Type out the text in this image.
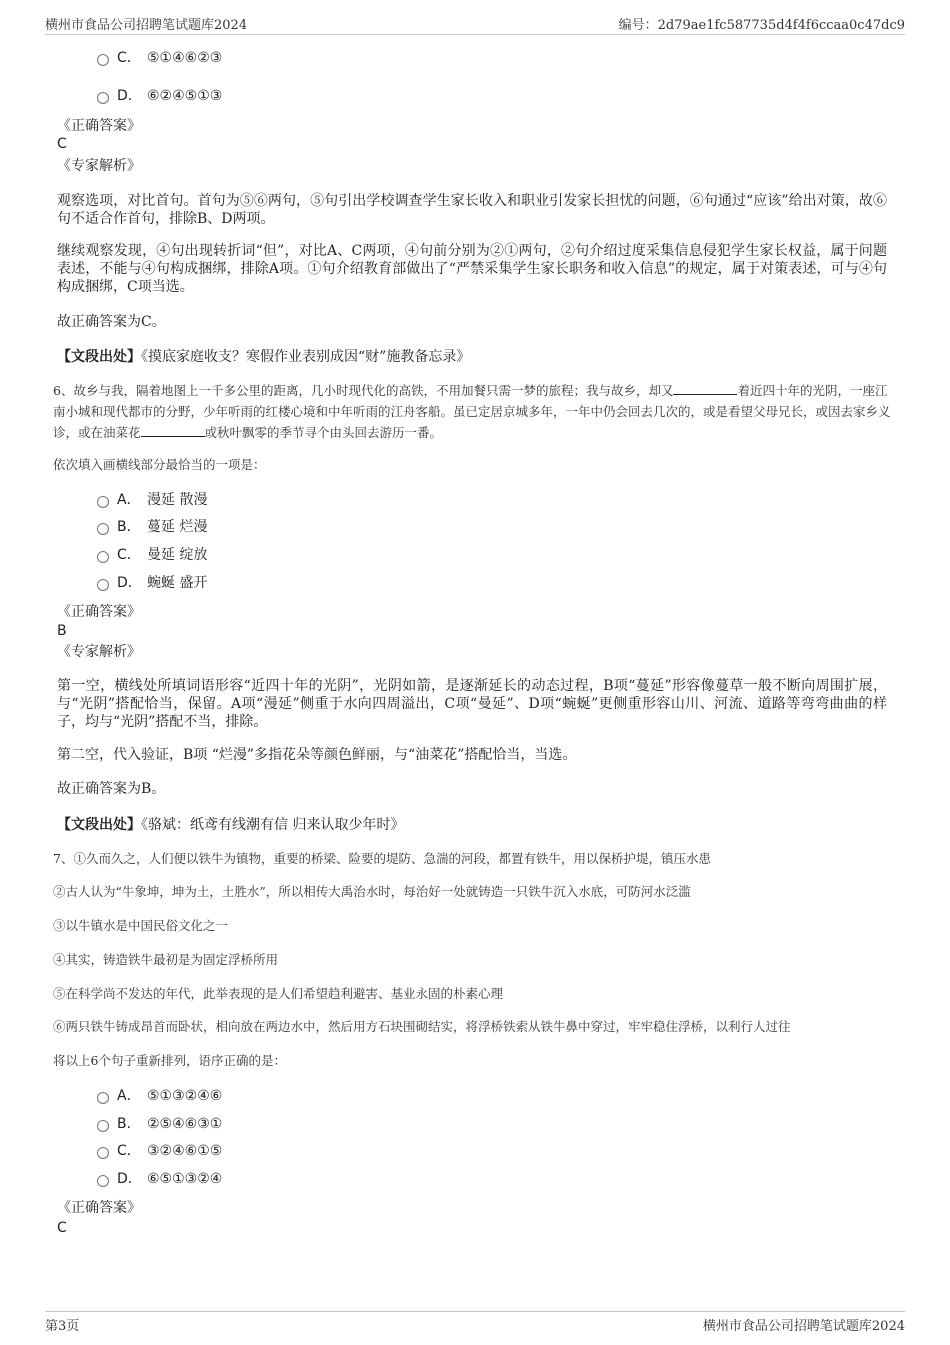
横州市食品公司招聘笔试题库2024	编号：2d79ae1fc587735d4f4f6ccaa0c47dc9
C． ⑤①④⑥②③
D． ⑥②④⑤①③
《正确答案》
C
《专家解析》
观察选项，对比首句。首句为⑤⑥两句，⑤句引出学校调查学生家长收入和职业引发家长担忧的问题，⑥句通过“应该”给出对策，故⑥句不适合作首句，排除B、D两项。
继续观察发现，④句出现转折词“但”，对比A、C两项，④句前分别为②①两句，②句介绍过度采集信息侵犯学生家长权益，属于问题表述，不能与④句构成捆绑，排除A项。①句介绍教育部做出了“严禁采集学生家长职务和收入信息”的规定，属于对策表述，可与④句构成捆绑，C项当选。
故正确答案为C。
【文段出处】《摸底家庭收支？寒假作业表别成因“财”施教备忘录》
6、故乡与我，隔着地图上一千多公里的距离，几小时现代化的高铁，不用加餐只需一梦的旅程；我与故乡，却又	着近四十年的光阴，一座江南小城和现代都市的分野，少年听雨的红楼心境和中年听雨的江舟客船。虽已定居京城多年，一年中仍会回去几次的，或是看望父母兄长，或因去家乡义诊，或在油菜花	或秋叶飘零的季节寻个由头回去游历一番。
依次填入画横线部分最恰当的一项是：
A． 漫延 散漫
B． 蔓延 烂漫
C． 曼延 绽放
D． 蜿蜒 盛开
《正确答案》
B
《专家解析》
第一空，横线处所填词语形容“近四十年的光阴”，光阴如箭，是逐渐延长的动态过程，B项“蔓延”形容像蔓草一般不断向周围扩展，与“光阴”搭配恰当，保留。A项“漫延”侧重于水向四周溢出，C项“曼延”、D项“蜿蜒”更侧重形容山川、河流、道路等弯弯曲曲的样子，均与“光阴”搭配不当，排除。
第二空，代入验证，B项 “烂漫”多指花朵等颜色鲜丽，与“油菜花”搭配恰当，当选。
故正确答案为B。
【文段出处】《骆斌：纸鸢有线潮有信 归来认取少年时》
7、①久而久之，人们便以铁牛为镇物，重要的桥梁、险要的堤防、急湍的河段，都置有铁牛，用以保桥护堤，镇压水患
②古人认为“牛象坤，坤为土，土胜水”，所以相传大禹治水时，每治好一处就铸造一只铁牛沉入水底，可防河水泛滥
③以牛镇水是中国民俗文化之一
④其实，铸造铁牛最初是为固定浮桥所用
⑤在科学尚不发达的年代，此举表现的是人们希望趋利避害、基业永固的朴素心理
⑥两只铁牛铸成昂首而卧状，相向放在两边水中，然后用方石块围砌结实，将浮桥铁索从铁牛鼻中穿过，牢牢稳住浮桥，以利行人过往
将以上6个句子重新排列，语序正确的是：
A． ⑤①③②④⑥
B． ②⑤④⑥③①
C． ③②④⑥①⑤
D． ⑥⑤①③②④
《正确答案》
C
第3页	横州市食品公司招聘笔试题库2024
